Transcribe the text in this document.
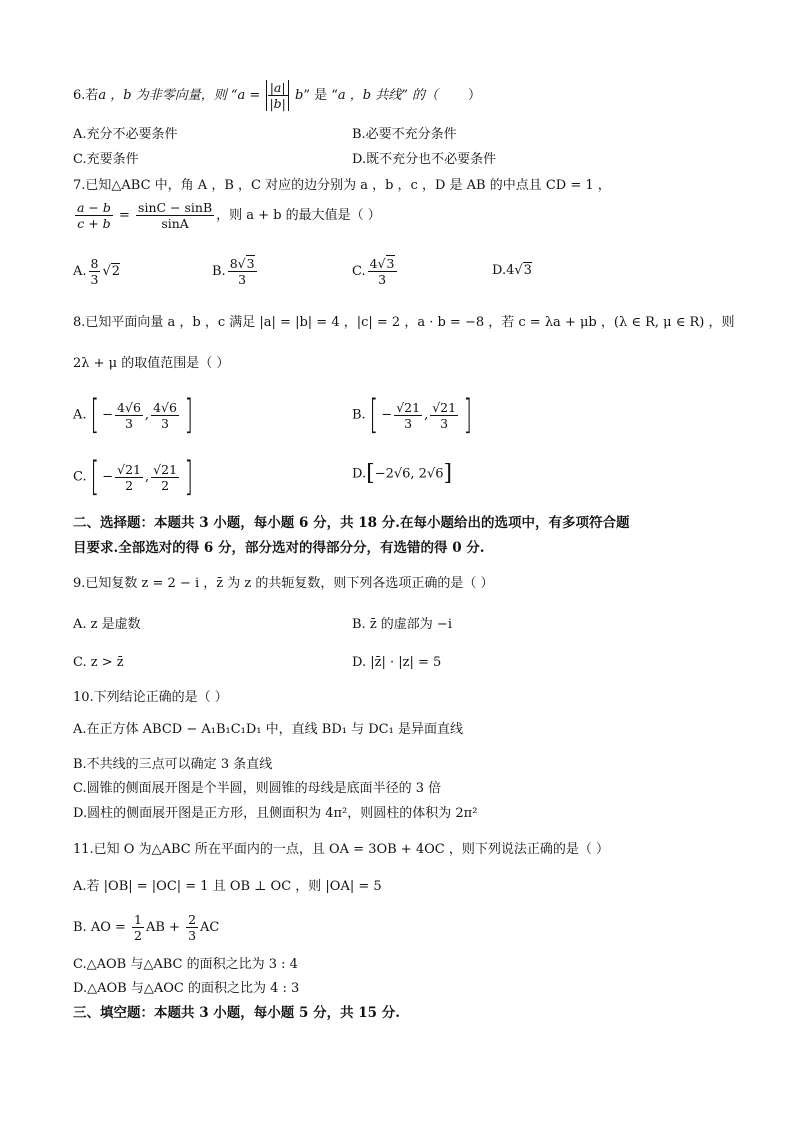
6.若a ，b 为非零向量，则 “$a = \frac{|a|}{|b|} b$” 是 “a ，b 共线” 的（ ）
A.充分不必要条件	B.必要不充分条件
C.充要条件	D.既不充分也不必要条件
7.已知△ABC 中，角 A ，B ，C 对应的边分别为 a ，b ，c ，D 是 AB 的中点且 CD = 1 ，
$\frac{a - b}{c + b} = \frac{\sin C - \sin B}{\sin A}$ ，则 a + b 的最大值是（ ）
A. $\frac{8}{3} √2$	B. $\frac{8√3}{3}$	C. $\frac{4√3}{3}$	D.4√3
8.已知平面向量 a ，b ，c 满足 |a| = |b| = 4 ，|c| = 2 ，a · b = −8 ，若 c = λa + μb ，(λ ∈ R, μ ∈ R) ，则
2λ + μ 的取值范围是（ ）
$A.[ - \frac{4√6}{3}$ , $\frac{4√6}{3}$ ]	$B.[ - \frac{√21}{3}$ , $\frac{√21}{3}$ ]
$C.[ - \frac{√21}{2}$ , $\frac{√21}{2}$ ]	D.[−2√6, 2√6]
二、选择题：本题共 3 小题，每小题 6 分，共 18 分.在每小题给出的选项中，有多项符合题
目要求.全部选对的得 6 分，部分选对的得部分分，有选错的得 0 分.
9.已知复数 z = 2 − i ，z̄ 为 z 的共轭复数，则下列各选项正确的是（ ）
A. z 是虚数	B. z̄ 的虚部为 −i
C. z > z̄	D. |z̄| · |z| = 5
10.下列结论正确的是（ ）
A.在正方体 ABCD − A₁B₁C₁D₁ 中，直线 BD₁ 与 DC₁ 是异面直线
B.不共线的三点可以确定 3 条直线
C.圆锥的侧面展开图是个半圆，则圆锥的母线是底面半径的 3 倍
D.圆柱的侧面展开图是正方形，且侧面积为 4π²，则圆柱的体积为 2π²
11.已知 O 为△ABC 所在平面内的一点，且 OA = 3OB + 4OC ，则下列说法正确的是（ ）
A.若 |OB| = |OC| = 1 且 OB ⊥ OC ，则 |OA| = 5
B. AO = $\frac{1}{2}$ AB + $\frac{2}{3}$ AC
C.△AOB 与△ABC 的面积之比为 3 : 4
D.△AOB 与△AOC 的面积之比为 4 : 3
三、填空题：本题共 3 小题，每小题 5 分，共 15 分.
